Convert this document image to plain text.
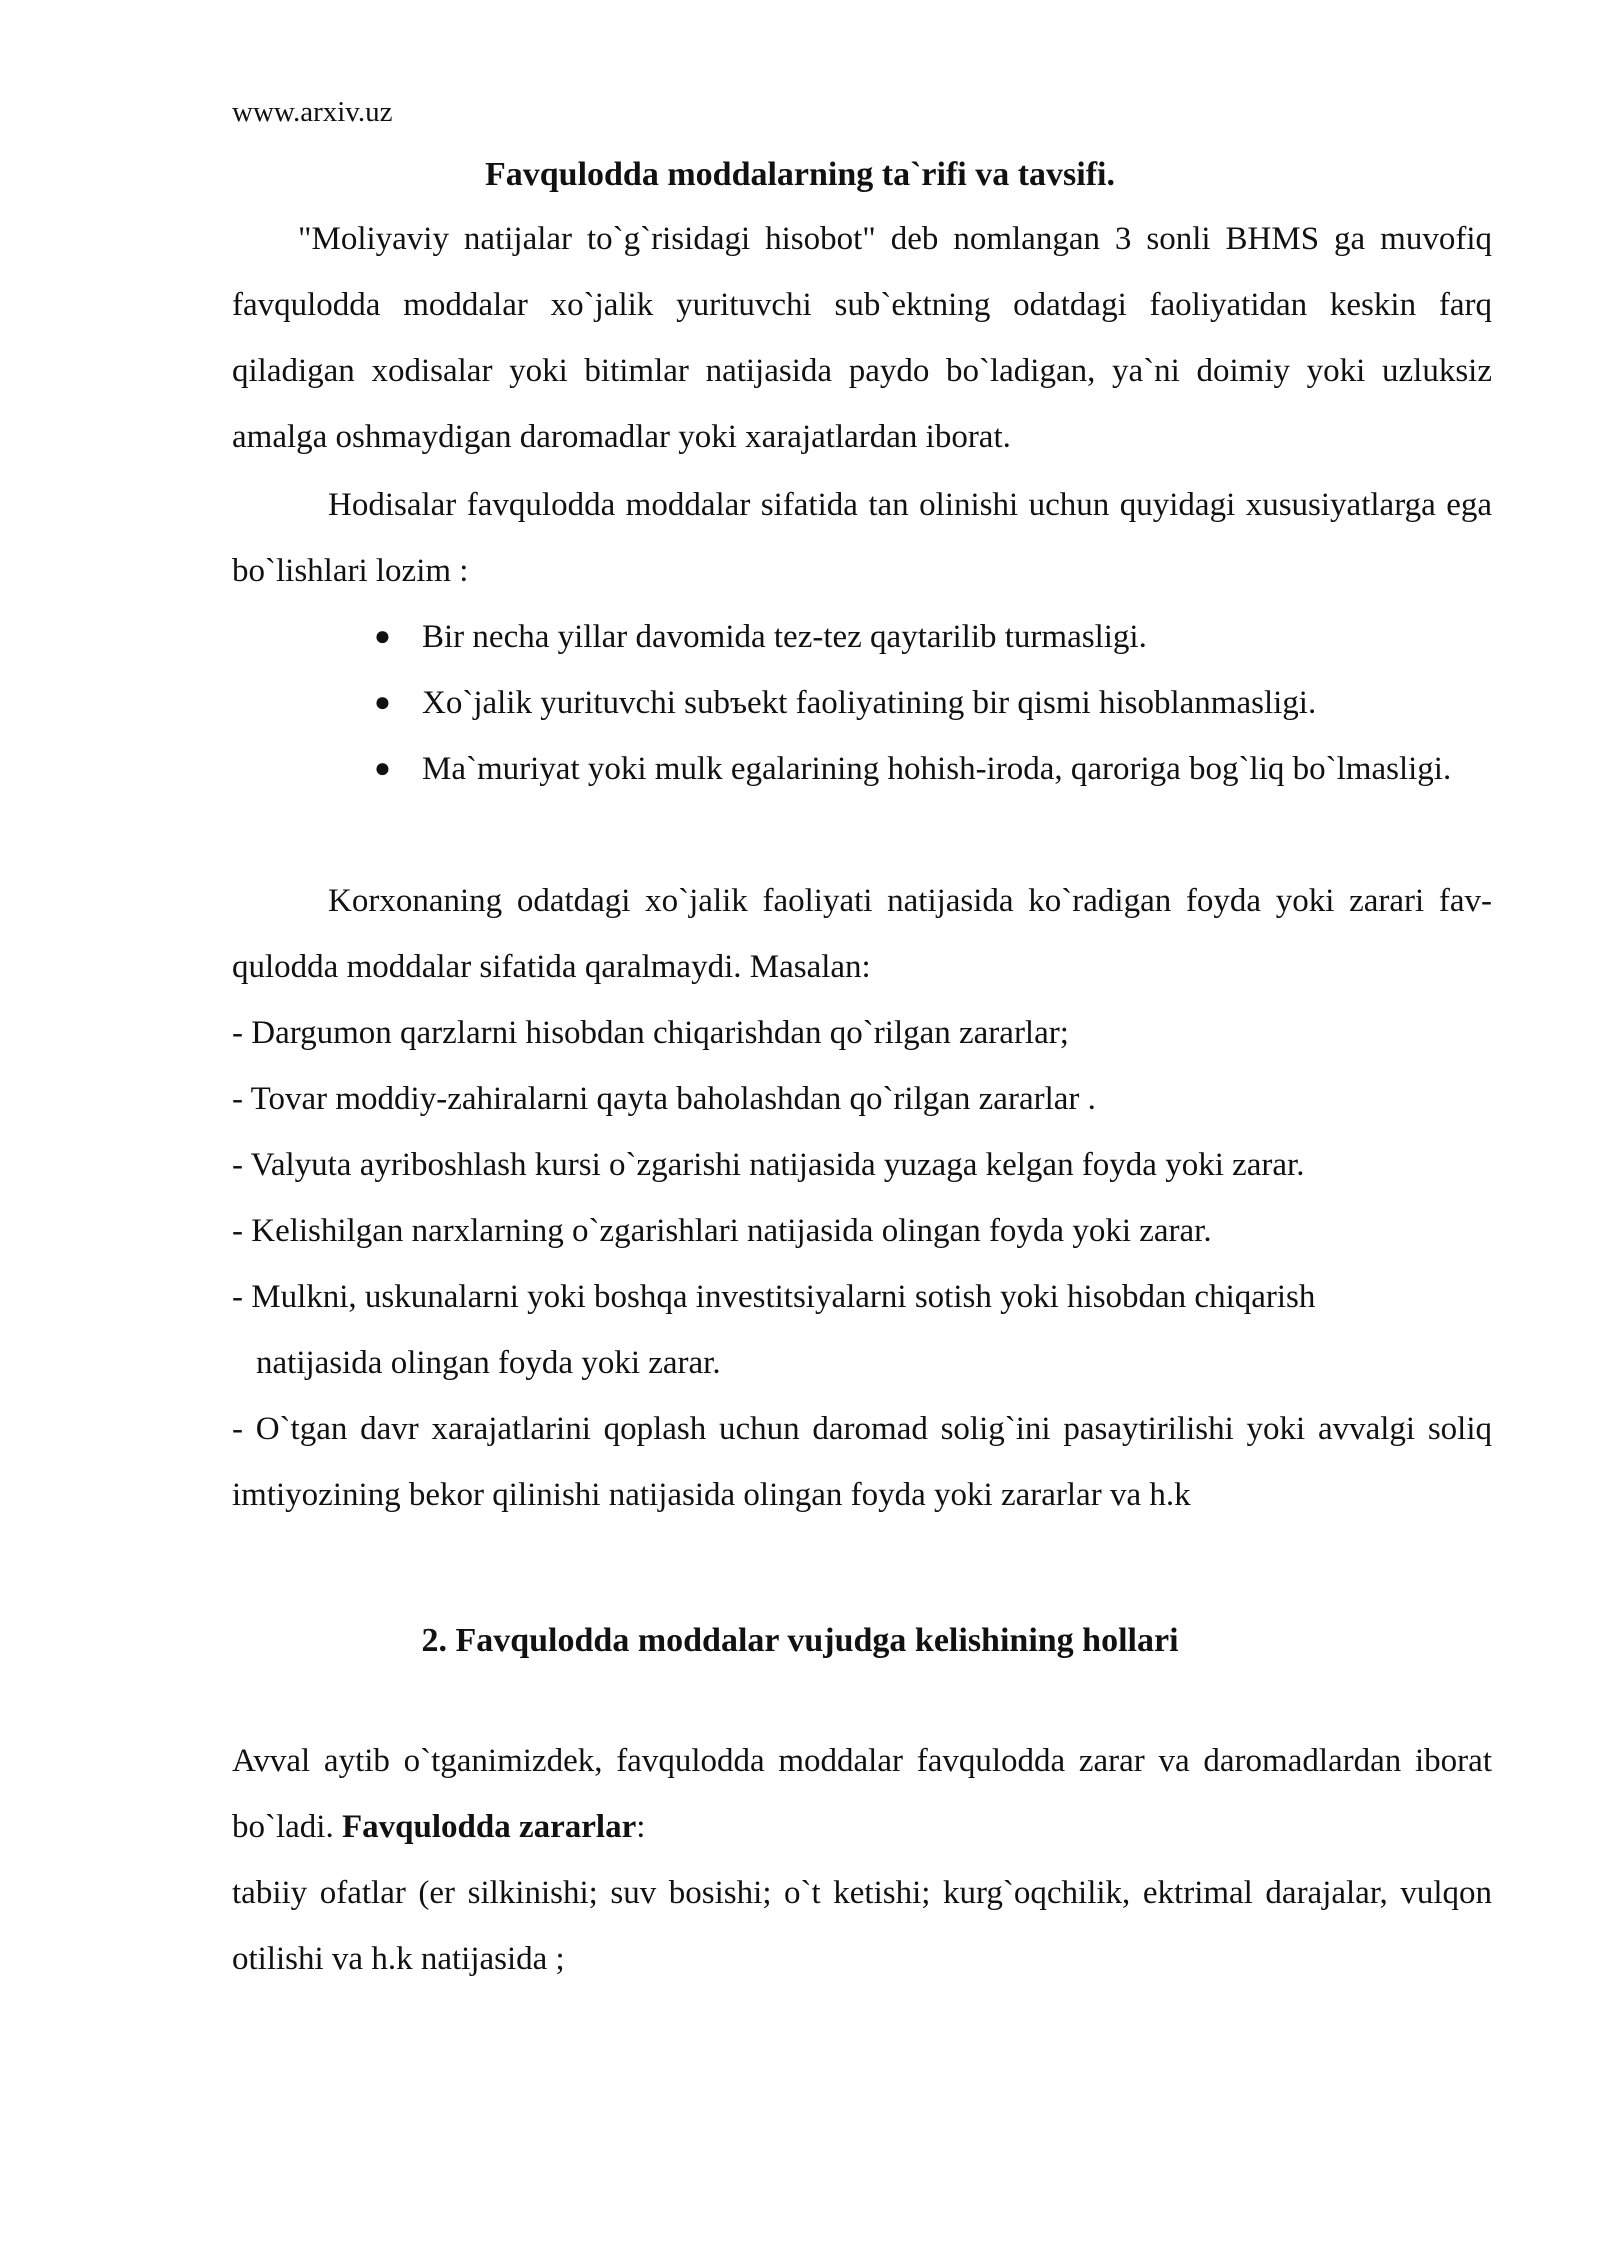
www.arxiv.uz
Favqulodda moddalarning ta`rifi va tavsifi.
"Moliyaviy natijalar to`g`risidagi hisobot" deb nomlangan 3 sonli BHMS ga muvofiq favqulodda moddalar xo`jalik yurituvchi sub`ektning odatdagi faoliyatidan keskin farq qiladigan xodisalar yoki bitimlar natijasida paydo bo`ladigan, ya`ni doimiy yoki uzluksiz amalga oshmaydigan daromadlar yoki xarajatlardan iborat.
Hodisalar favqulodda moddalar sifatida tan olinishi uchun quyidagi xususiyatlarga ega bo`lishlari lozim :
● Bir necha yillar davomida tez-tez qaytarilib turmasligi.
● Xo`jalik yurituvchi subъekt faoliyatining bir qismi hisoblanmasligi.
● Ma`muriyat yoki mulk egalarining hohish-iroda, qaroriga bog`liq bo`lmasligi.
Korxonaning odatdagi xo`jalik faoliyati natijasida ko`radigan foyda yoki zarari fav-qulodda moddalar sifatida qaralmaydi. Masalan:
- Dargumon qarzlarni hisobdan chiqarishdan qo`rilgan zararlar;
- Tovar moddiy-zahiralarni qayta baholashdan qo`rilgan zararlar .
- Valyuta ayriboshlash kursi o`zgarishi natijasida yuzaga kelgan foyda yoki zarar.
- Kelishilgan narxlarning o`zgarishlari natijasida olingan foyda yoki zarar.
- Mulkni, uskunalarni yoki boshqa investitsiyalarni sotish yoki hisobdan chiqarish
natijasida olingan foyda yoki zarar.
- O`tgan davr xarajatlarini qoplash uchun daromad solig`ini pasaytirilishi yoki avvalgi soliq imtiyozining bekor qilinishi natijasida olingan foyda yoki zararlar va h.k
2. Favqulodda moddalar vujudga kelishining hollari
Avval aytib o`tganimizdek, favqulodda moddalar favqulodda zarar va daromadlardan iborat bo`ladi. Favqulodda zararlar:
tabiiy ofatlar (er silkinishi; suv bosishi; o`t ketishi; kurg`oqchilik, ektrimal darajalar, vulqon otilishi va h.k natijasida ;
